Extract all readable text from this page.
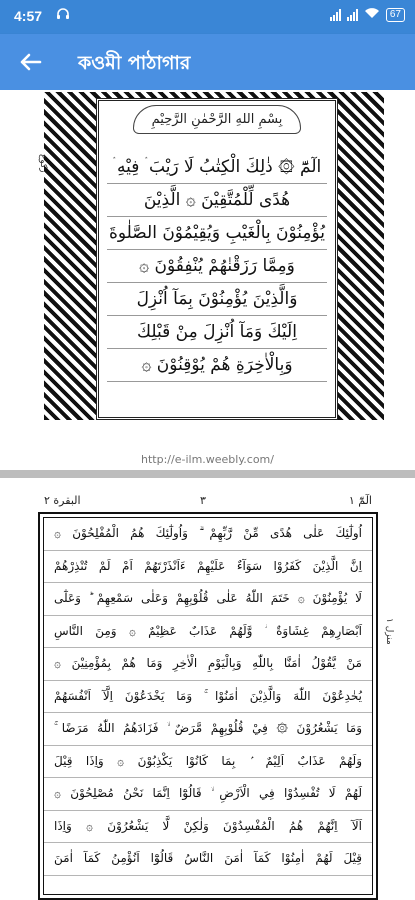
4:57	67
কওমী পাঠাগার
بِسْمِ اللهِ الرَّحْمٰنِ الرَّحِيْمِ
الٓمّٓ ۞ ذٰلِكَ الْكِتٰبُ لَا رَيْبَ ۛ فِيْهِ ۛ
هُدًى لِّلْمُتَّقِيْنَ ۞ الَّذِيْنَ
يُؤْمِنُوْنَ بِالْغَيْبِ وَيُقِيْمُوْنَ الصَّلٰوةَ
وَمِمَّا رَزَقْنٰهُمْ يُنْفِقُوْنَ ۞
وَالَّذِيْنَ يُؤْمِنُوْنَ بِمَآ اُنْزِلَ
اِلَيْكَ وَمَآ اُنْزِلَ مِنْ قَبْلِكَ
وَبِالْاٰخِرَةِ هُمْ يُوْقِنُوْنَ ۞
ركوع
http://e-ilm.weebly.com/
البقرة ٢	٣	الٓمّٓ ١
اُولٰٓئِكَ عَلٰى هُدًى مِّنْ رَّبِّهِمْ ۗ وَاُولٰٓئِكَ هُمُ الْمُفْلِحُوْنَ ۞
اِنَّ الَّذِيْنَ كَفَرُوْا سَوَآءٌ عَلَيْهِمْ ءَاَنْذَرْتَهُمْ اَمْ لَمْ تُنْذِرْهُمْ
لَا يُؤْمِنُوْنَ ۞ خَتَمَ اللّٰهُ عَلٰى قُلُوْبِهِمْ وَعَلٰى سَمْعِهِمْ ؕ وَعَلٰٓى
اَبْصَارِهِمْ غِشَاوَةٌ ؗ وَّلَهُمْ عَذَابٌ عَظِيْمٌ ۞ وَمِنَ النَّاسِ
مَنْ يَّقُوْلُ اٰمَنَّا بِاللّٰهِ وَبِالْيَوْمِ الْاٰخِرِ وَمَا هُمْ بِمُؤْمِنِيْنَ ۞
يُخٰدِعُوْنَ اللّٰهَ وَالَّذِيْنَ اٰمَنُوْا ۚ وَمَا يَخْدَعُوْنَ اِلَّآ اَنْفُسَهُمْ
وَمَا يَشْعُرُوْنَ ۞ فِيْ قُلُوْبِهِمْ مَّرَضٌ ۙ فَزَادَهُمُ اللّٰهُ مَرَضًا ۚ
وَلَهُمْ عَذَابٌ اَلِيْمٌ ۢ بِمَا كَانُوْا يَكْذِبُوْنَ ۞ وَاِذَا قِيْلَ
لَهُمْ لَا تُفْسِدُوْا فِي الْاَرْضِ ۙ قَالُوْٓا اِنَّمَا نَحْنُ مُصْلِحُوْنَ ۞
اَلَآ اِنَّهُمْ هُمُ الْمُفْسِدُوْنَ وَلٰكِنْ لَّا يَشْعُرُوْنَ ۞ وَاِذَا
قِيْلَ لَهُمْ اٰمِنُوْا كَمَآ اٰمَنَ النَّاسُ قَالُوْٓا اَنُؤْمِنُ كَمَآ اٰمَنَ
منزل ١
